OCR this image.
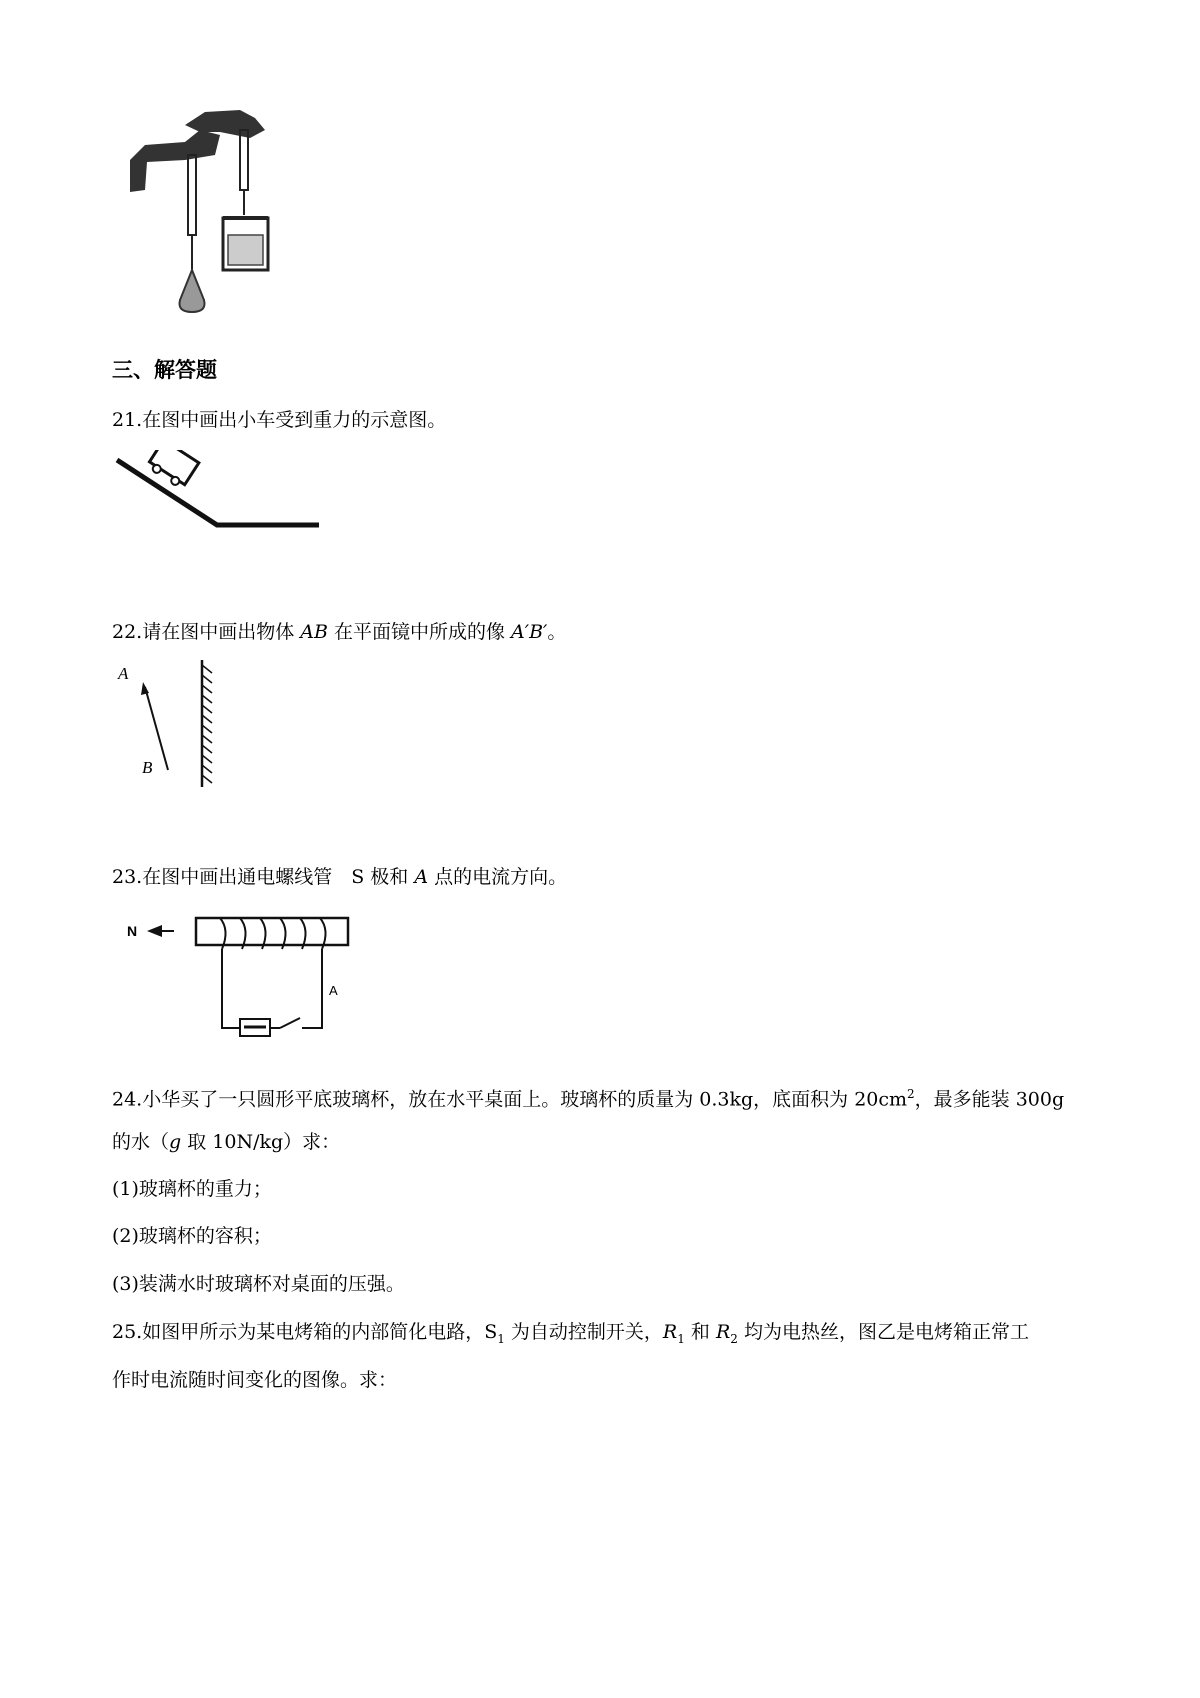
三、解答题
21.在图中画出小车受到重力的示意图。
22.请在图中画出物体 AB 在平面镜中所成的像 A′B′。
A
B
23.在图中画出通电螺线管　S 极和 A 点的电流方向。
N
A
24.小华买了一只圆形平底玻璃杯，放在水平桌面上。玻璃杯的质量为 0.3kg，底面积为 $20cm^2$，最多能装 300g
的水（g 取 10N/kg）求：
(1)玻璃杯的重力；
(2)玻璃杯的容积；
(3)装满水时玻璃杯对桌面的压强。
25.如图甲所示为某电烤箱的内部简化电路，$S_1$ 为自动控制开关，$R_1$ 和 $R_2$ 均为电热丝，图乙是电烤箱正常工
作时电流随时间变化的图像。求：
